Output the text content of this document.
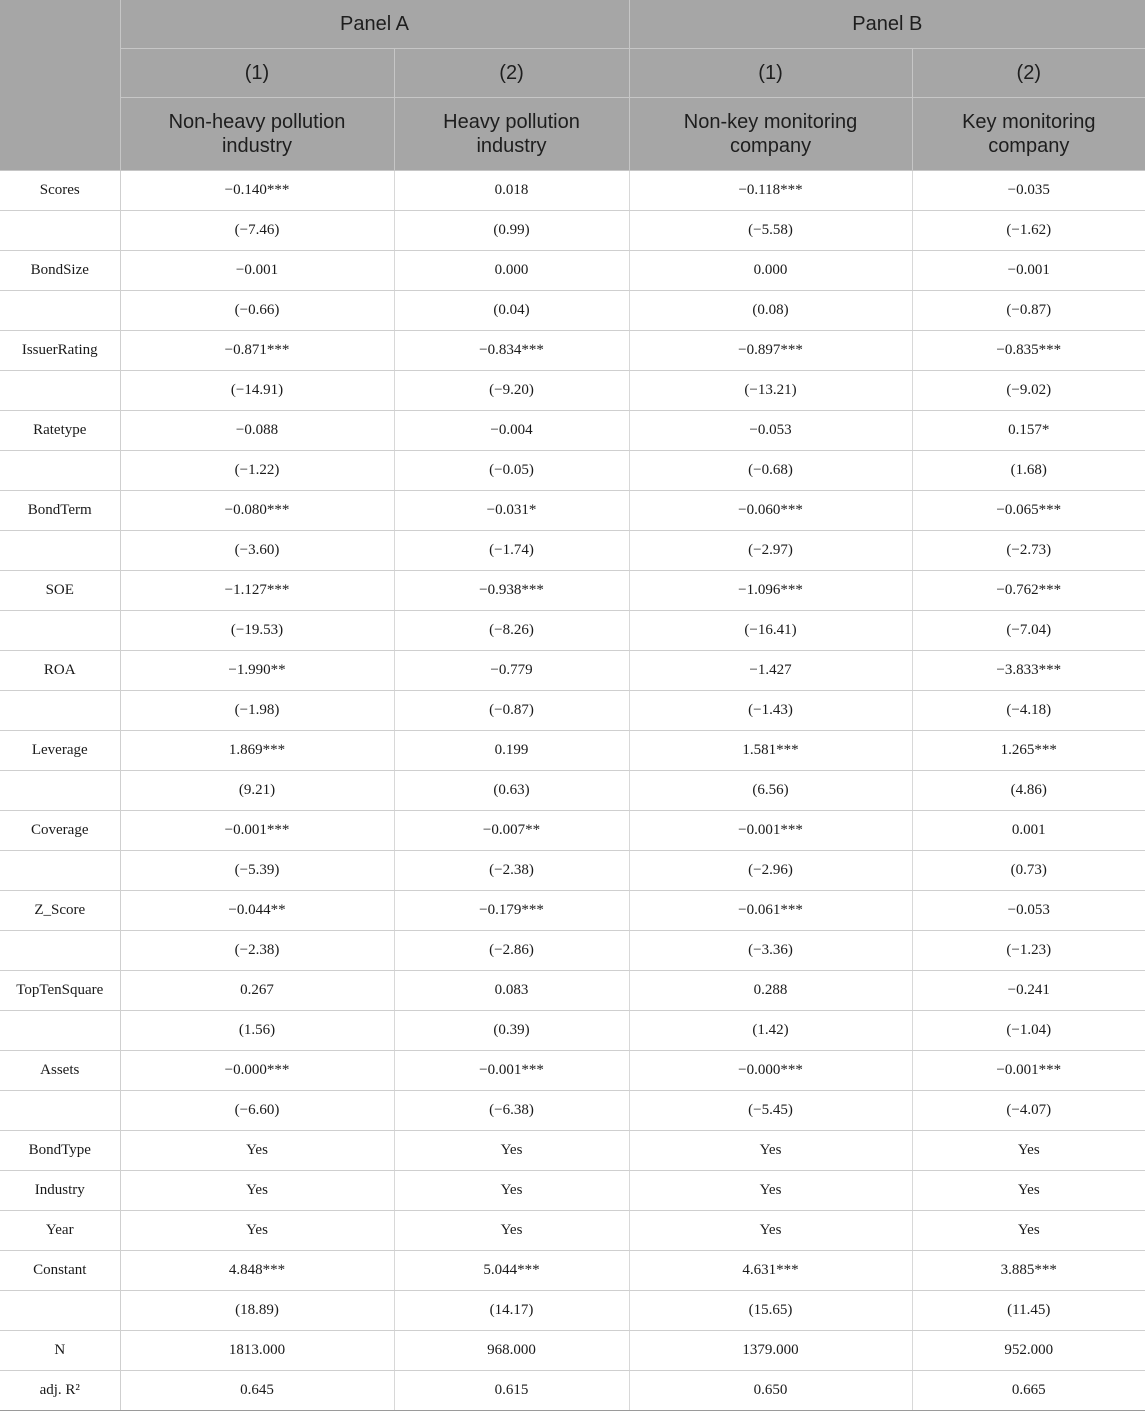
	Panel A		Panel B	
	(1)	(2)	(1)	(2)
	Non-heavy pollution industry	Heavy pollution industry	Non-key monitoring company	Key monitoring company
Scores	−0.140***	0.018	−0.118***	−0.035
	(−7.46)	(0.99)	(−5.58)	(−1.62)
BondSize	−0.001	0.000	0.000	−0.001
	(−0.66)	(0.04)	(0.08)	(−0.87)
IssuerRating	−0.871***	−0.834***	−0.897***	−0.835***
	(−14.91)	(−9.20)	(−13.21)	(−9.02)
Ratetype	−0.088	−0.004	−0.053	0.157*
	(−1.22)	(−0.05)	(−0.68)	(1.68)
BondTerm	−0.080***	−0.031*	−0.060***	−0.065***
	(−3.60)	(−1.74)	(−2.97)	(−2.73)
SOE	−1.127***	−0.938***	−1.096***	−0.762***
	(−19.53)	(−8.26)	(−16.41)	(−7.04)
ROA	−1.990**	−0.779	−1.427	−3.833***
	(−1.98)	(−0.87)	(−1.43)	(−4.18)
Leverage	1.869***	0.199	1.581***	1.265***
	(9.21)	(0.63)	(6.56)	(4.86)
Coverage	−0.001***	−0.007**	−0.001***	0.001
	(−5.39)	(−2.38)	(−2.96)	(0.73)
Z_Score	−0.044**	−0.179***	−0.061***	−0.053
	(−2.38)	(−2.86)	(−3.36)	(−1.23)
TopTenSquare	0.267	0.083	0.288	−0.241
	(1.56)	(0.39)	(1.42)	(−1.04)
Assets	−0.000***	−0.001***	−0.000***	−0.001***
	(−6.60)	(−6.38)	(−5.45)	(−4.07)
BondType	Yes	Yes	Yes	Yes
Industry	Yes	Yes	Yes	Yes
Year	Yes	Yes	Yes	Yes
Constant	4.848***	5.044***	4.631***	3.885***
	(18.89)	(14.17)	(15.65)	(11.45)
N	1813.000	968.000	1379.000	952.000
adj. R²	0.645	0.615	0.650	0.665
